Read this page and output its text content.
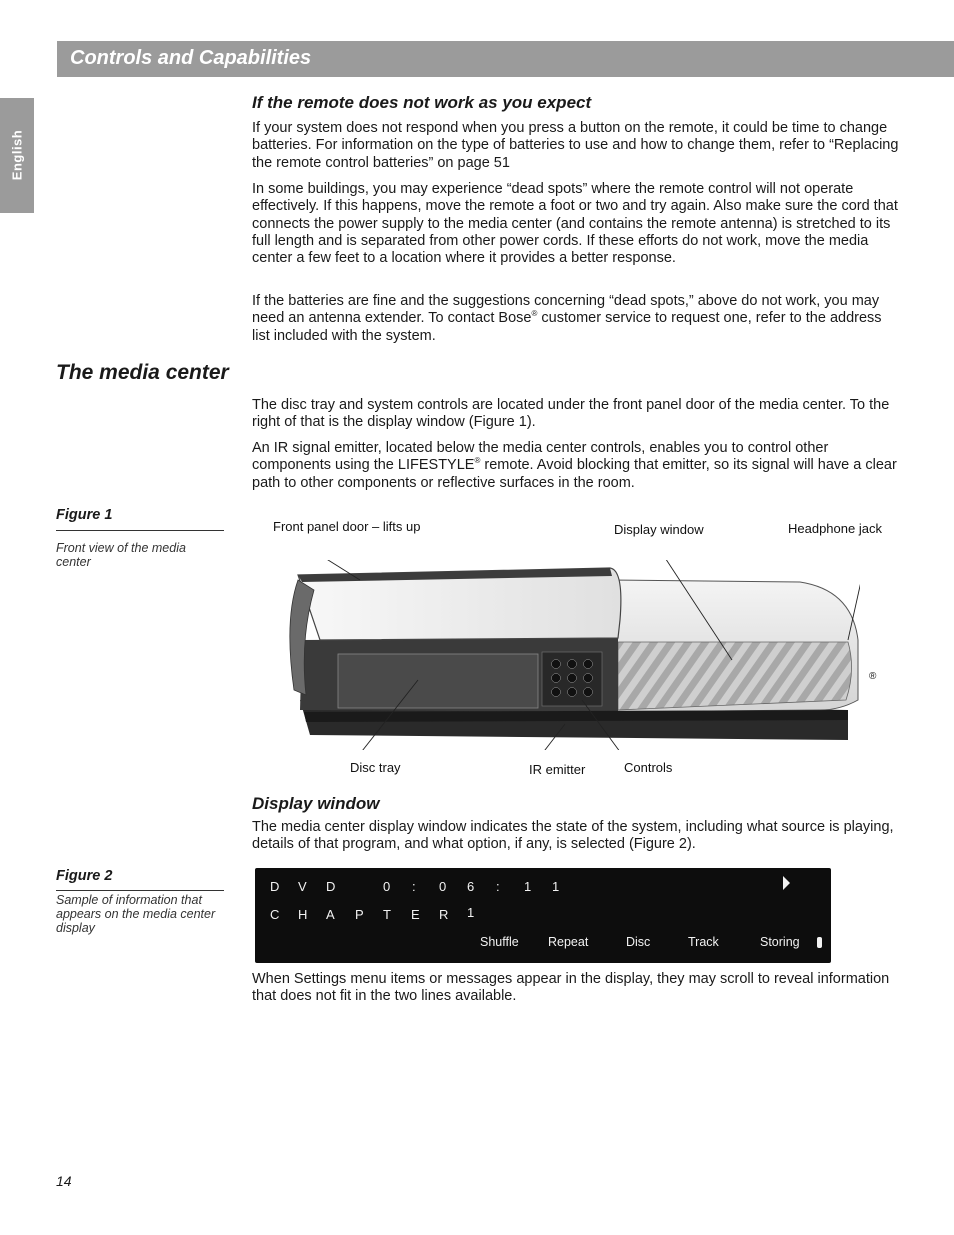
Controls and Capabilities
English
If the remote does not work as you expect

If your system does not respond when you press a button on the remote, it could be time to change batteries. For information on the type of batteries to use and how to change them, refer to “Replacing the remote control batteries” on page 51

In some buildings, you may experience “dead spots” where the remote control will not operate effectively. If this happens, move the remote a foot or two and try again. Also make sure the cord that connects the power supply to the media center (and contains the remote antenna) is stretched to its full length and is separated from other power cords. If these efforts do not work, move the media center a few feet to a location where it provides a better response.

If the batteries are fine and the suggestions concerning “dead spots,” above do not work, you may need an antenna extender. To contact Bose® customer service to request one, refer to the address list included with the system.

The media center

The disc tray and system controls are located under the front panel door of the media center. To the right of that is the display window (Figure 1).

An IR signal emitter, located below the media center controls, enables you to control other components using the LIFESTYLE® remote. Avoid blocking that emitter, so its signal will have a clear path to other components or reflective surfaces in the room.

Figure 1

Front view of the media center

Front panel door – lifts up	Display window	Headphone jack
Disc tray	IR emitter	Controls
®
Display window

The media center display window indicates the state of the system, including what source is playing, details of that program, and what option, if any, is selected (Figure 2).

Figure 2

Sample of information that appears on the media center display

D V D	0 : 0 6 : 1 1
C H A P T E R 1
Shuffle Repeat	Disc	Track	Storing

When Settings menu items or messages appear in the display, they may scroll to reveal information that does not fit in the two lines available.

14
